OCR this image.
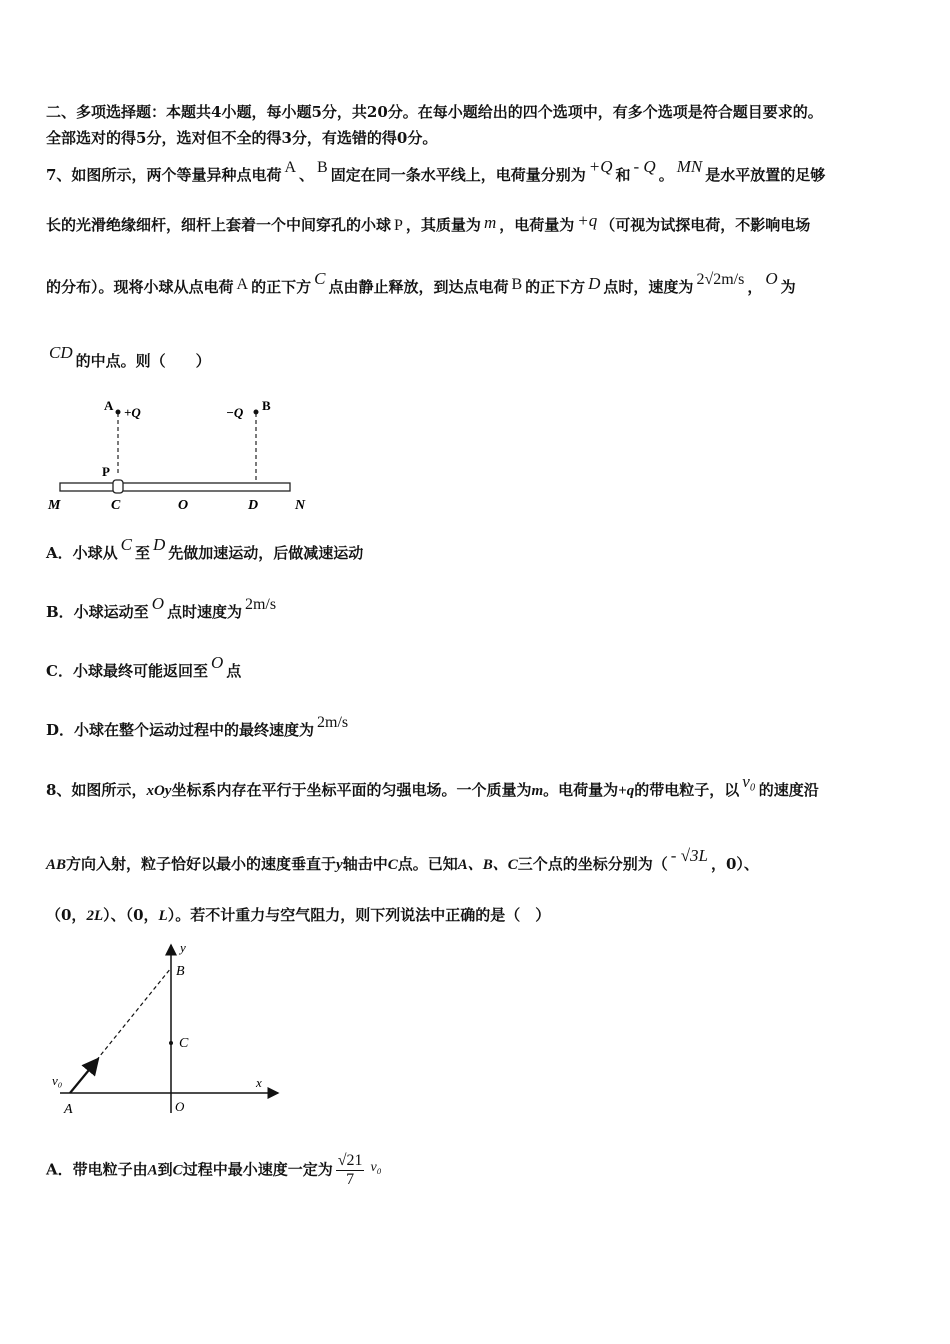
二、多项选择题：本题共4小题，每小题5分，共20分。在每小题给出的四个选项中，有多个选项是符合题目要求的。
全部选对的得5分，选对但不全的得3分，有选错的得0分。
7、如图所示，两个等量异种点电荷 A 、 B 固定在同一条水平线上，电荷量分别为 +Q 和 - Q 。 MN 是水平放置的足够
长的光滑绝缘细杆，细杆上套着一个中间穿孔的小球 P ，其质量为 m ，电荷量为 +q （可视为试探电荷，不影响电场
的分布）。现将小球从点电荷 A 的正下方 C 点由静止释放，到达点电荷 B 的正下方 D 点时，速度为 2√2m/s ， O 为
CD 的中点。则（　　）
A +Q	−Q B
P
M	C	O	D	N
A．小球从 C 至 D 先做加速运动，后做减速运动
B．小球运动至 O 点时速度为 2m/s
C．小球最终可能返回至 O 点
D．小球在整个运动过程中的最终速度为 2m/s
8、如图所示，xOy坐标系内存在平行于坐标平面的匀强电场。一个质量为m。电荷量为+q的带电粒子，以 v₀ 的速度沿
AB方向入射，粒子恰好以最小的速度垂直于y轴击中C点。已知A、B、C三个点的坐标分别为（ - √3L ，0）、
（0，2L）、（0，L）。若不计重力与空气阻力，则下列说法中正确的是（　）
y
B
C
x
v₀
A	O
A．带电粒子由A到C过程中最小速度一定为 $\frac{√21}{7} v_0$
